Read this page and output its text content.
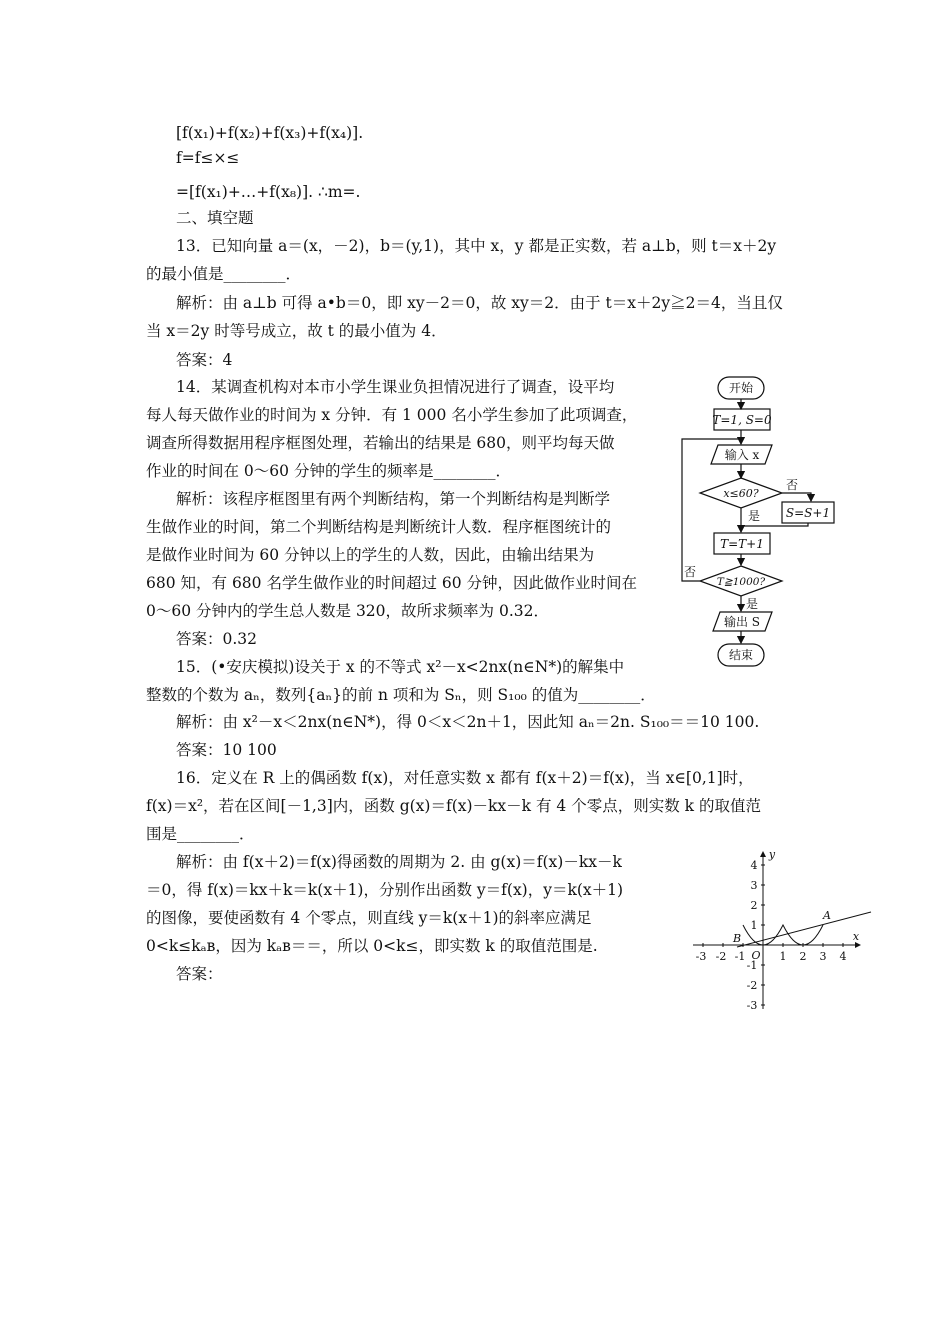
[f(x₁)+f(x₂)+f(x₃)+f(x₄)].
f=f≤×≤
=[f(x₁)+…+f(x₈)]. ∴m=.
二、填空题
13．已知向量 a＝(x，－2)，b＝(y,1)，其中 x，y 都是正实数，若 a⊥b，则 t＝x＋2y
的最小值是________．
解析：由 a⊥b 可得 a•b＝0，即 xy－2＝0，故 xy＝2．由于 t＝x＋2y≧2＝4，当且仅
当 x＝2y 时等号成立，故 t 的最小值为 4．
答案：4
14．某调查机构对本市小学生课业负担情况进行了调查，设平均
每人每天做作业的时间为 x 分钟．有 1 000 名小学生参加了此项调查，
调查所得数据用程序框图处理，若输出的结果是 680，则平均每天做
作业的时间在 0～60 分钟的学生的频率是________．
解析：该程序框图里有两个判断结构，第一个判断结构是判断学
生做作业的时间，第二个判断结构是判断统计人数．程序框图统计的
是做作业时间为 60 分钟以上的学生的人数，因此，由输出结果为
680 知，有 680 名学生做作业的时间超过 60 分钟，因此做作业时间在
0～60 分钟内的学生总人数是 320，故所求频率为 0.32．
答案：0.32
15．(•安庆模拟)设关于 x 的不等式 x²－x<2nx(n∈N*)的解集中
整数的个数为 aₙ，数列{aₙ}的前 n 项和为 Sₙ，则 S₁₀₀ 的值为________．
解析：由 x²－x＜2nx(n∈N*)，得 0＜x＜2n＋1，因此知 aₙ＝2n. S₁₀₀＝＝10 100.
答案：10 100
16．定义在 R 上的偶函数 f(x)，对任意实数 x 都有 f(x＋2)＝f(x)，当 x∈[0,1]时，
f(x)＝x²，若在区间[－1,3]内，函数 g(x)＝f(x)－kx－k 有 4 个零点，则实数 k 的取值范
围是________．
解析：由 f(x＋2)＝f(x)得函数的周期为 2. 由 g(x)＝f(x)－kx－k
＝0，得 f(x)＝kx＋k＝k(x＋1)，分别作出函数 y＝f(x)，y＝k(x＋1)
的图像，要使函数有 4 个零点，则直线 y＝k(x＋1)的斜率应满足
0<k≤kₐʙ，因为 kₐʙ＝＝，所以 0<k≤，即实数 k 的取值范围是.
答案：
开始
T=1, S=0
输入 x
x≤60?
否
是 S=S+1
T=T+1
T≧1000?
否
是
输出 S
结束
y
x
-3 -2 -1	1 2 3 4
4
3
2
1
-1
-2
-3
O
A
B
